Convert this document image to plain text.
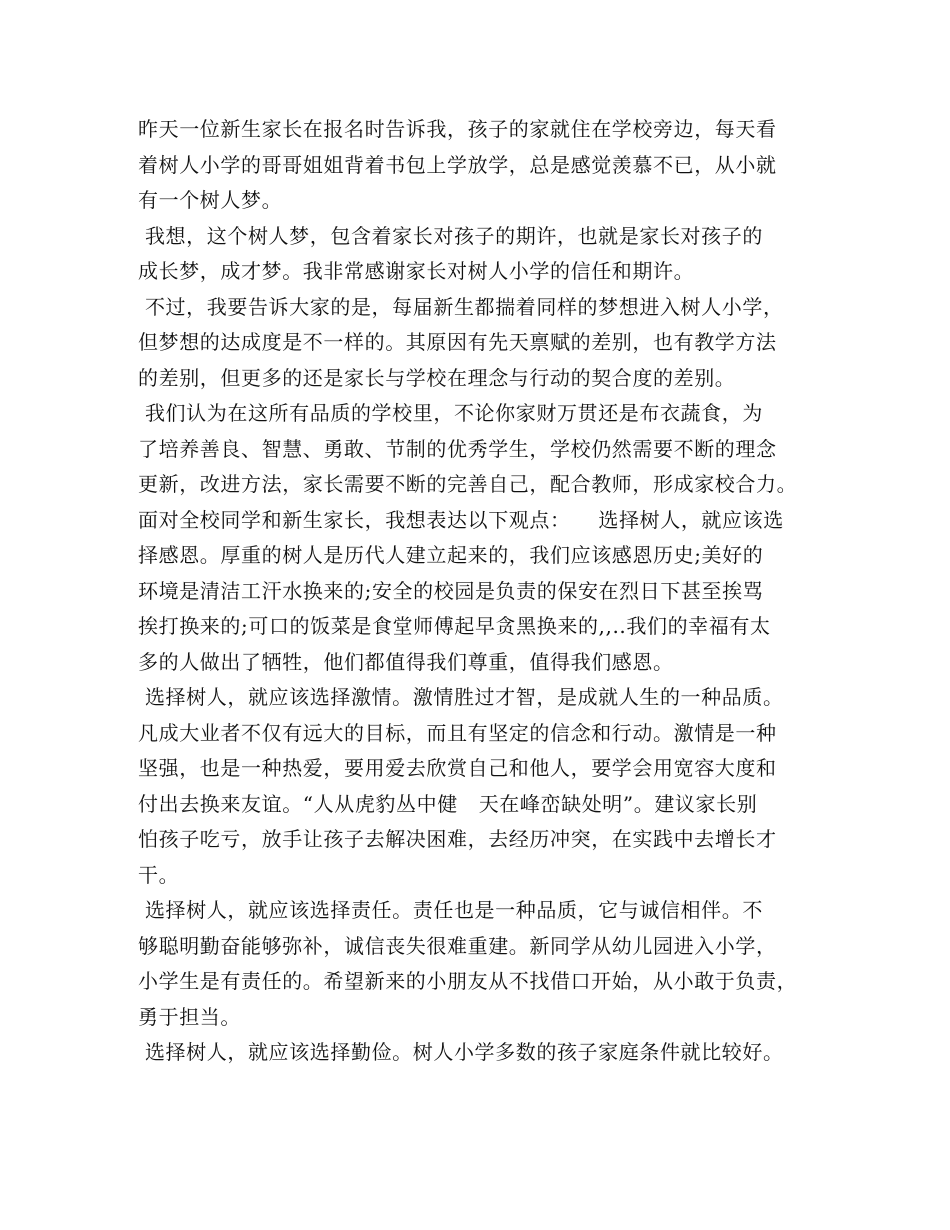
昨天一位新生家长在报名时告诉我，孩子的家就住在学校旁边，每天看
着树人小学的哥哥姐姐背着书包上学放学，总是感觉羡慕不已，从小就
有一个树人梦。
我想，这个树人梦，包含着家长对孩子的期许，也就是家长对孩子的
成长梦，成才梦。我非常感谢家长对树人小学的信任和期许。
不过，我要告诉大家的是，每届新生都揣着同样的梦想进入树人小学，
但梦想的达成度是不一样的。其原因有先天禀赋的差别，也有教学方法
的差别，但更多的还是家长与学校在理念与行动的契合度的差别。
我们认为在这所有品质的学校里，不论你家财万贯还是布衣蔬食，为
了培养善良、智慧、勇敢、节制的优秀学生，学校仍然需要不断的理念
更新，改进方法，家长需要不断的完善自己，配合教师，形成家校合力。
面对全校同学和新生家长，我想表达以下观点：    选择树人，就应该选
择感恩。厚重的树人是历代人建立起来的，我们应该感恩历史;美好的
环境是清洁工汗水换来的;安全的校园是负责的保安在烈日下甚至挨骂
挨打换来的;可口的饭菜是食堂师傅起早贪黑换来的,,..我们的幸福有太
多的人做出了牺牲，他们都值得我们尊重，值得我们感恩。
选择树人，就应该选择激情。激情胜过才智，是成就人生的一种品质。
凡成大业者不仅有远大的目标，而且有坚定的信念和行动。激情是一种
坚强，也是一种热爱，要用爱去欣赏自己和他人，要学会用宽容大度和
付出去换来友谊。“人从虎豹丛中健   天在峰峦缺处明”。建议家长别
怕孩子吃亏，放手让孩子去解决困难，去经历冲突，在实践中去增长才
干。
选择树人，就应该选择责任。责任也是一种品质，它与诚信相伴。不
够聪明勤奋能够弥补，诚信丧失很难重建。新同学从幼儿园进入小学，
小学生是有责任的。希望新来的小朋友从不找借口开始，从小敢于负责，
勇于担当。
选择树人，就应该选择勤俭。树人小学多数的孩子家庭条件就比较好。
